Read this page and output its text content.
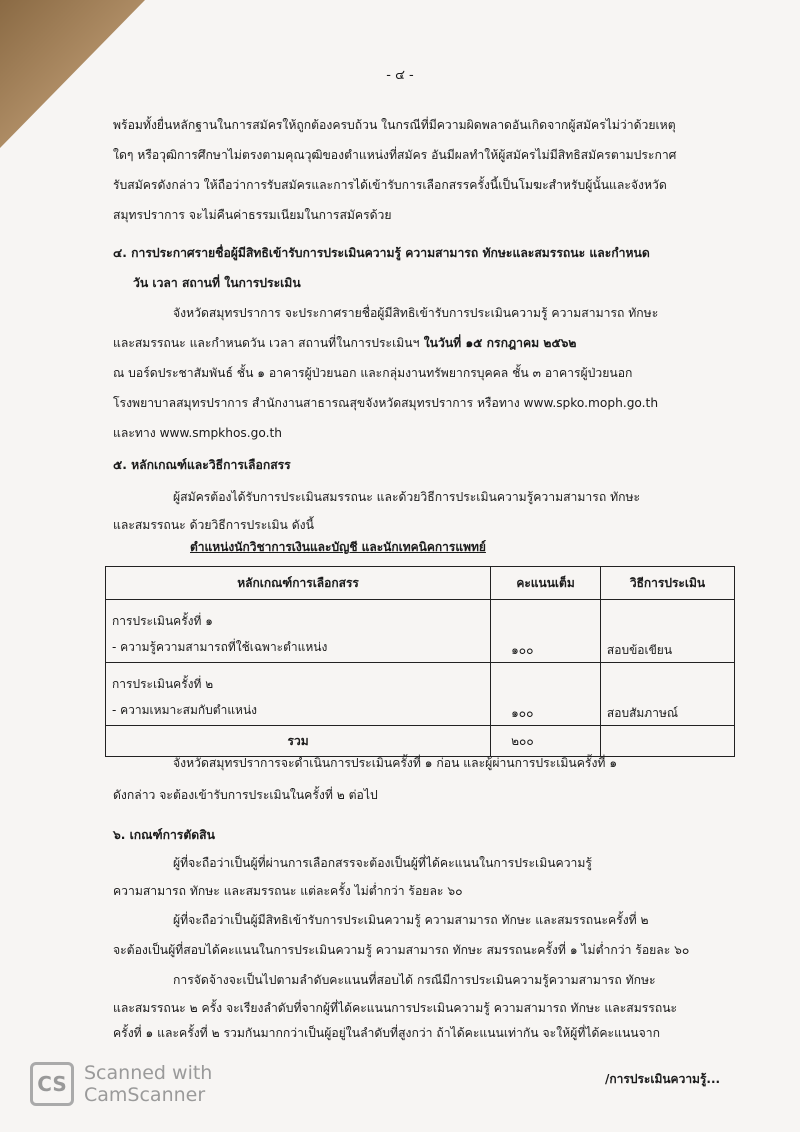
- ๔ -
พร้อมทั้งยื่นหลักฐานในการสมัครให้ถูกต้องครบถ้วน ในกรณีที่มีความผิดพลาดอันเกิดจากผู้สมัครไม่ว่าด้วยเหตุ
ใดๆ หรือวุฒิการศึกษาไม่ตรงตามคุณวุฒิของตำแหน่งที่สมัคร อันมีผลทำให้ผู้สมัครไม่มีสิทธิสมัครตามประกาศ
รับสมัครดังกล่าว ให้ถือว่าการรับสมัครและการได้เข้ารับการเลือกสรรครั้งนี้เป็นโมฆะสำหรับผู้นั้นและจังหวัด
สมุทรปราการ จะไม่คืนค่าธรรมเนียมในการสมัครด้วย
๔. การประกาศรายชื่อผู้มีสิทธิเข้ารับการประเมินความรู้ ความสามารถ ทักษะและสมรรถนะ และกำหนด
วัน เวลา สถานที่ ในการประเมิน
จังหวัดสมุทรปราการ จะประกาศรายชื่อผู้มีสิทธิเข้ารับการประเมินความรู้ ความสามารถ ทักษะ
และสมรรถนะ และกำหนดวัน เวลา สถานที่ในการประเมินฯ ในวันที่ ๑๕ กรกฎาคม ๒๕๖๒
ณ บอร์ดประชาสัมพันธ์ ชั้น ๑ อาคารผู้ป่วยนอก และกลุ่มงานทรัพยากรบุคคล ชั้น ๓ อาคารผู้ป่วยนอก
โรงพยาบาลสมุทรปราการ สำนักงานสาธารณสุขจังหวัดสมุทรปราการ หรือทาง www.spko.moph.go.th
และทาง www.smpkhos.go.th
๕. หลักเกณฑ์และวิธีการเลือกสรร
ผู้สมัครต้องได้รับการประเมินสมรรถนะ และด้วยวิธีการประเมินความรู้ความสามารถ ทักษะ
และสมรรถนะ ด้วยวิธีการประเมิน ดังนี้
ตำแหน่งนักวิชาการเงินและบัญชี และนักเทคนิคการแพทย์
หลักเกณฑ์การเลือกสรร	คะแนนเต็ม	วิธีการประเมิน

การประเมินครั้งที่ ๑
- ความรู้ความสามารถที่ใช้เฉพาะตำแหน่ง	๑๐๐	สอบข้อเขียน

การประเมินครั้งที่ ๒
- ความเหมาะสมกับตำแหน่ง	๑๐๐	สอบสัมภาษณ์
รวม	๒๐๐	
จังหวัดสมุทรปราการจะดำเนินการประเมินครั้งที่ ๑ ก่อน และผู้ผ่านการประเมินครั้งที่ ๑
ดังกล่าว จะต้องเข้ารับการประเมินในครั้งที่ ๒ ต่อไป
๖. เกณฑ์การตัดสิน
ผู้ที่จะถือว่าเป็นผู้ที่ผ่านการเลือกสรรจะต้องเป็นผู้ที่ได้คะแนนในการประเมินความรู้
ความสามารถ ทักษะ และสมรรถนะ แต่ละครั้ง ไม่ต่ำกว่า ร้อยละ ๖๐
ผู้ที่จะถือว่าเป็นผู้มีสิทธิเข้ารับการประเมินความรู้ ความสามารถ ทักษะ และสมรรถนะครั้งที่ ๒
จะต้องเป็นผู้ที่สอบได้คะแนนในการประเมินความรู้ ความสามารถ ทักษะ สมรรถนะครั้งที่ ๑ ไม่ต่ำกว่า ร้อยละ ๖๐
การจัดจ้างจะเป็นไปตามลำดับคะแนนที่สอบได้ กรณีมีการประเมินความรู้ความสามารถ ทักษะ
และสมรรถนะ ๒ ครั้ง จะเรียงลำดับที่จากผู้ที่ได้คะแนนการประเมินความรู้ ความสามารถ ทักษะ และสมรรถนะ
ครั้งที่ ๑ และครั้งที่ ๒ รวมกันมากกว่าเป็นผู้อยู่ในลำดับที่สูงกว่า ถ้าได้คะแนนเท่ากัน จะให้ผู้ที่ได้คะแนนจาก
CS Scanned with
CamScanner
/การประเมินความรู้...
